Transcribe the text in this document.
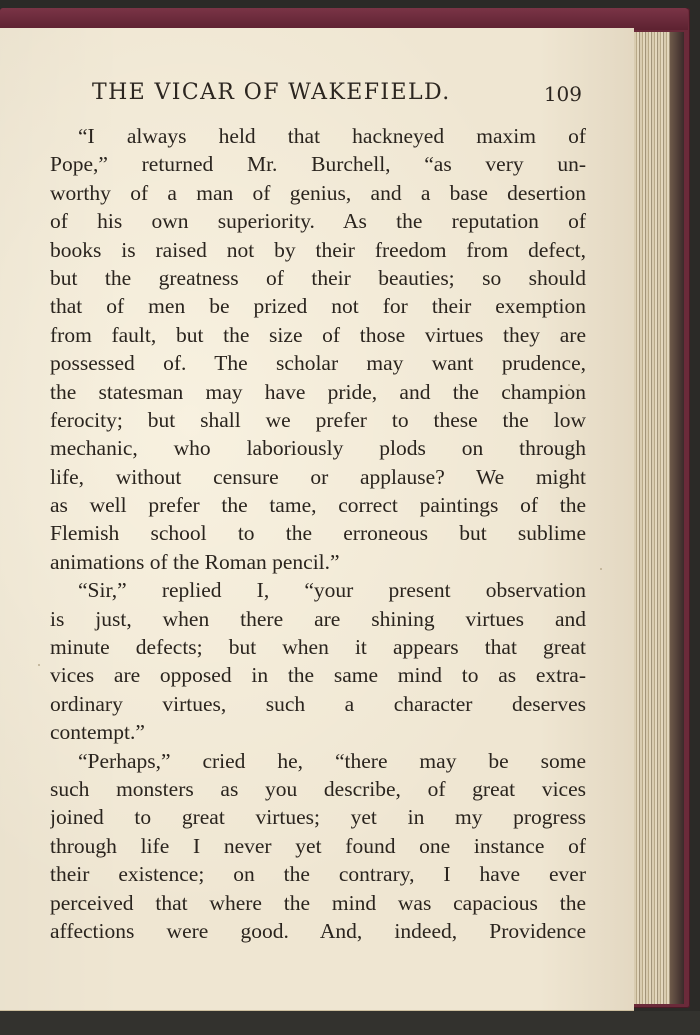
THE VICAR OF WAKEFIELD.	109
“I always held that hackneyed maxim of
Pope,” returned Mr. Burchell, “as very un-
worthy of a man of genius, and a base desertion
of his own superiority. As the reputation of
books is raised not by their freedom from defect,
but the greatness of their beauties; so should
that of men be prized not for their exemption
from fault, but the size of those virtues they are
possessed of. The scholar may want prudence,
the statesman may have pride, and the champion
ferocity; but shall we prefer to these the low
mechanic, who laboriously plods on through
life, without censure or applause? We might
as well prefer the tame, correct paintings of the
Flemish school to the erroneous but sublime
animations of the Roman pencil.”
“Sir,” replied I, “your present observation
is just, when there are shining virtues and
minute defects; but when it appears that great
vices are opposed in the same mind to as extra-
ordinary virtues, such a character deserves
contempt.”
“Perhaps,” cried he, “there may be some
such monsters as you describe, of great vices
joined to great virtues; yet in my progress
through life I never yet found one instance of
their existence; on the contrary, I have ever
perceived that where the mind was capacious the
affections were good. And, indeed, Providence
